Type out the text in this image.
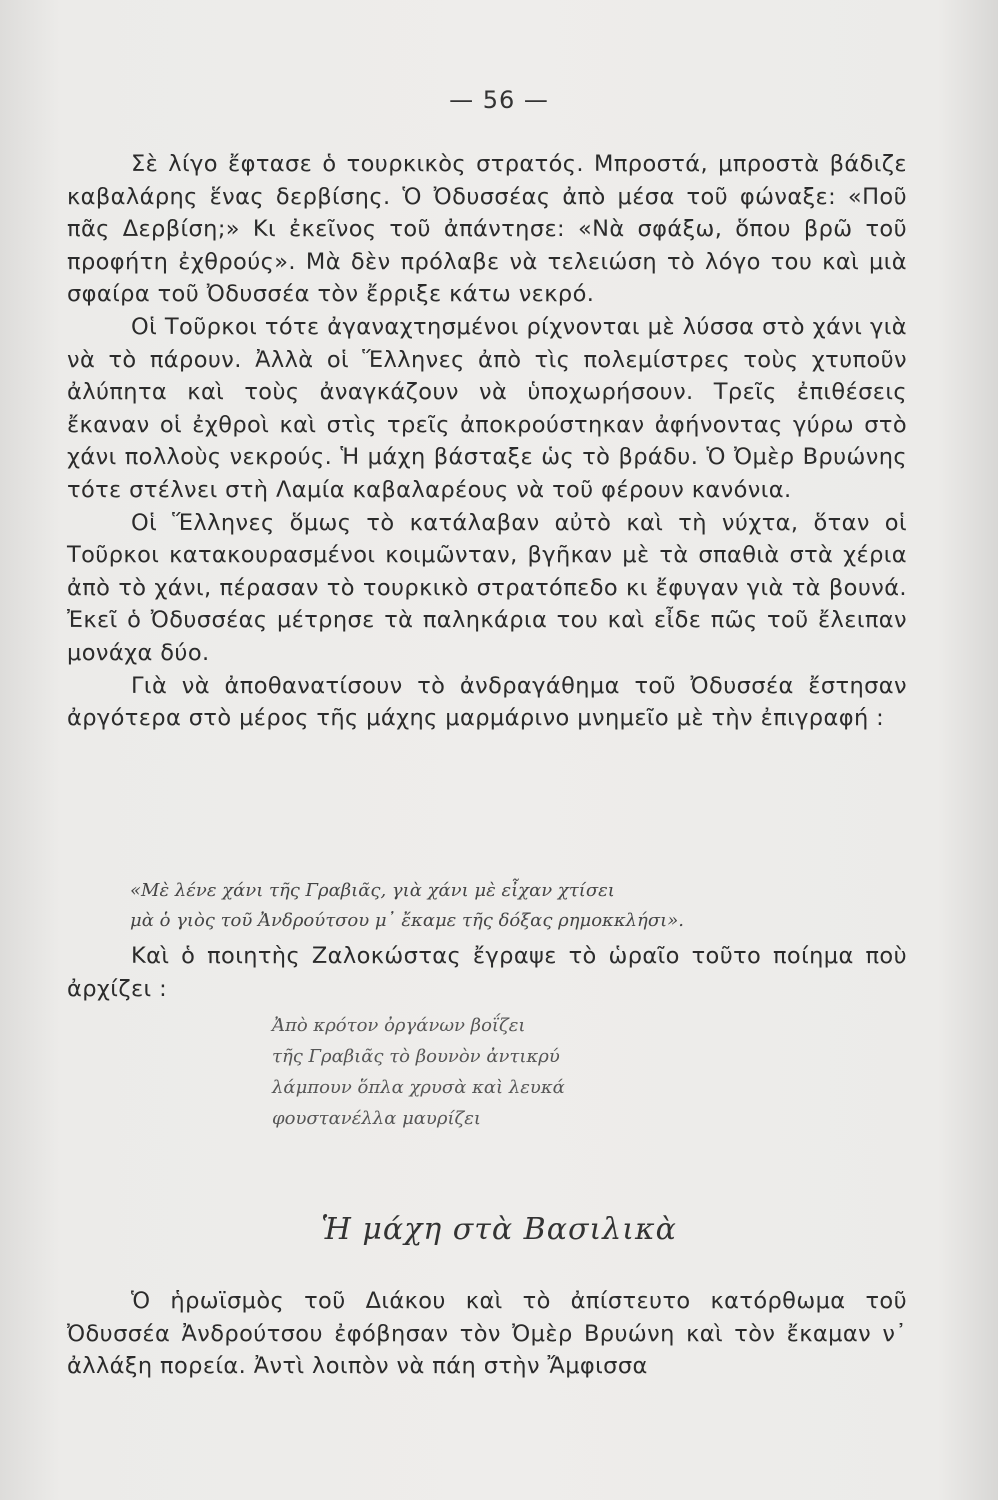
— 56 —

Σὲ λίγο ἔφτασε ὁ τουρκικὸς στρατός. Μπροστά, μπροστὰ βάδιζε καβαλάρης ἕνας δερβίσης. Ὁ Ὀδυσσέας ἀπὸ μέσα τοῦ φώναξε: «Ποῦ πᾶς Δερβίση;» Κι ἐκεῖνος τοῦ ἀπάντησε: «Νὰ σφάξω, ὅπου βρῶ τοῦ προφήτη ἐχθρούς». Μὰ δὲν πρόλαβε νὰ τελειώση τὸ λόγο του καὶ μιὰ σφαίρα τοῦ Ὀδυσσέα τὸν ἔρριξε κάτω νεκρό.

Οἱ Τοῦρκοι τότε ἀγαναχτησμένοι ρίχνονται μὲ λύσσα στὸ χάνι γιὰ νὰ τὸ πάρουν. Ἀλλὰ οἱ Ἕλληνες ἀπὸ τὶς πολεμίστρες τοὺς χτυποῦν ἀλύπητα καὶ τοὺς ἀναγκάζουν νὰ ὑποχωρήσουν. Τρεῖς ἐπιθέσεις ἔκαναν οἱ ἐχθροὶ καὶ στὶς τρεῖς ἀποκρούστηκαν ἀφήνοντας γύρω στὸ χάνι πολλοὺς νεκρούς. Ἡ μάχη βάσταξε ὡς τὸ βράδυ. Ὁ Ὀμὲρ Βρυώνης τότε στέλνει στὴ Λαμία καβαλαρέους νὰ τοῦ φέρουν κανόνια.

Οἱ Ἕλληνες ὅμως τὸ κατάλαβαν αὐτὸ καὶ τὴ νύχτα, ὅταν οἱ Τοῦρκοι κατακουρασμένοι κοιμῶνταν, βγῆκαν μὲ τὰ σπαθιὰ στὰ χέρια ἀπὸ τὸ χάνι, πέρασαν τὸ τουρκικὸ στρατόπεδο κι ἔφυγαν γιὰ τὰ βουνά. Ἐκεῖ ὁ Ὀδυσσέας μέτρησε τὰ παληκάρια του καὶ εἶδε πῶς τοῦ ἔλειπαν μονάχα δύο.

Γιὰ νὰ ἀποθανατίσουν τὸ ἀνδραγάθημα τοῦ Ὀδυσσέα ἔστησαν ἀργότερα στὸ μέρος τῆς μάχης μαρμάρινο μνημεῖο μὲ τὴν ἐπιγραφή :

«Μὲ λένε χάνι τῆς Γραβιᾶς, γιὰ χάνι μὲ εἶχαν χτίσει
μὰ ὁ γιὸς τοῦ Ἀνδρούτσου μ᾿ ἔκαμε τῆς δόξας ρημοκκλήσι».

Καὶ ὁ ποιητὴς Ζαλοκώστας ἔγραψε τὸ ὡραῖο τοῦτο ποίημα ποὺ ἀρχίζει :

Ἀπὸ κρότον ὀργάνων βοΐζει
τῆς Γραβιᾶς τὸ βουνὸν ἀντικρύ
λάμπουν ὅπλα χρυσὰ καὶ λευκά
φουστανέλλα μαυρίζει
Ἡ μάχη στὰ Βασιλικὰ

Ὁ ἡρωϊσμὸς τοῦ Διάκου καὶ τὸ ἀπίστευτο κατόρθωμα τοῦ Ὀδυσσέα Ἀνδρούτσου ἐφόβησαν τὸν Ὀμὲρ Βρυώνη καὶ τὸν ἔκαμαν ν᾿ ἀλλάξη πορεία. Ἀντὶ λοιπὸν νὰ πάη στὴν Ἄμφισσα
